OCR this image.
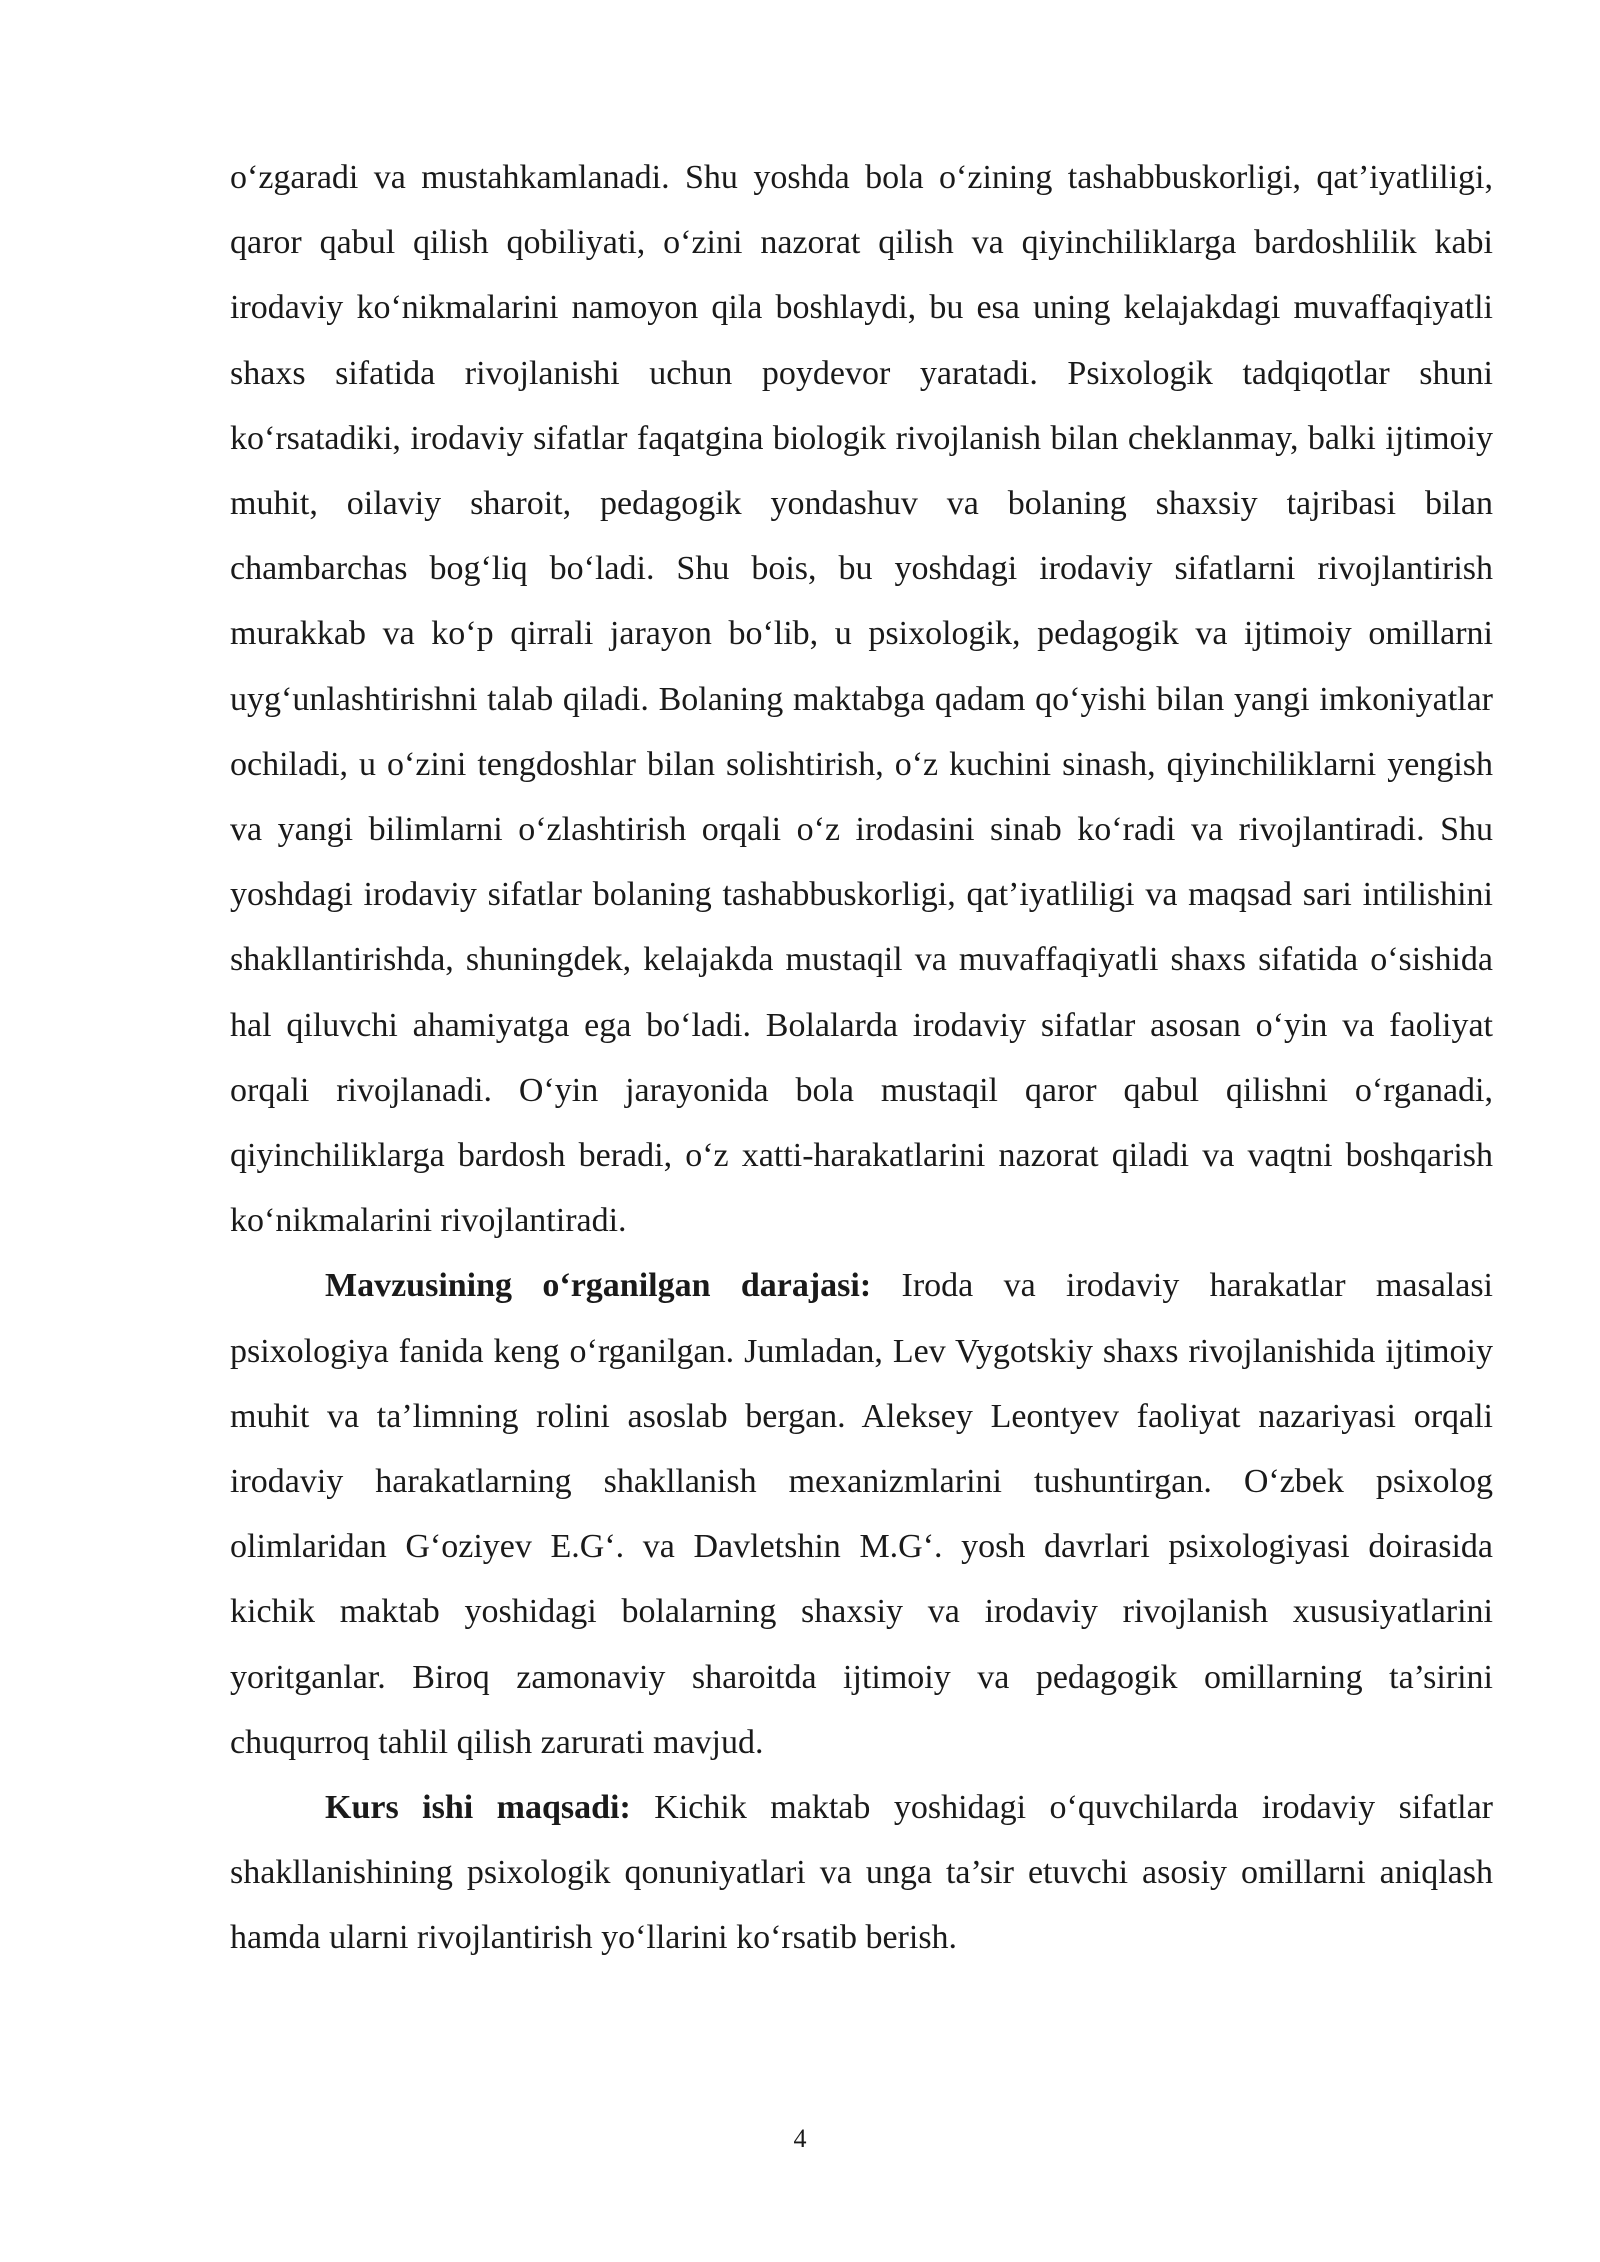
o‘zgaradi va mustahkamlanadi. Shu yoshda bola o‘zining tashabbuskorligi, qat’iyatliligi, qaror qabul qilish qobiliyati, o‘zini nazorat qilish va qiyinchiliklarga bardoshlilik kabi irodaviy ko‘nikmalarini namoyon qila boshlaydi, bu esa uning kelajakdagi muvaffaqiyatli shaxs sifatida rivojlanishi uchun poydevor yaratadi. Psixologik tadqiqotlar shuni ko‘rsatadiki, irodaviy sifatlar faqatgina biologik rivojlanish bilan cheklanmay, balki ijtimoiy muhit, oilaviy sharoit, pedagogik yondashuv va bolaning shaxsiy tajribasi bilan chambarchas bog‘liq bo‘ladi. Shu bois, bu yoshdagi irodaviy sifatlarni rivojlantirish murakkab va ko‘p qirrali jarayon bo‘lib, u psixologik, pedagogik va ijtimoiy omillarni uyg‘unlashtirishni talab qiladi. Bolaning maktabga qadam qo‘yishi bilan yangi imkoniyatlar ochiladi, u o‘zini tengdoshlar bilan solishtirish, o‘z kuchini sinash, qiyinchiliklarni yengish va yangi bilimlarni o‘zlashtirish orqali o‘z irodasini sinab ko‘radi va rivojlantiradi. Shu yoshdagi irodaviy sifatlar bolaning tashabbuskorligi, qat’iyatliligi va maqsad sari intilishini shakllantirishda, shuningdek, kelajakda mustaqil va muvaffaqiyatli shaxs sifatida o‘sishida hal qiluvchi ahamiyatga ega bo‘ladi. Bolalarda irodaviy sifatlar asosan o‘yin va faoliyat orqali rivojlanadi. O‘yin jarayonida bola mustaqil qaror qabul qilishni o‘rganadi, qiyinchiliklarga bardosh beradi, o‘z xatti-harakatlarini nazorat qiladi va vaqtni boshqarish ko‘nikmalarini rivojlantiradi.

Mavzusining o‘rganilgan darajasi: Iroda va irodaviy harakatlar masalasi psixologiya fanida keng o‘rganilgan. Jumladan, Lev Vygotskiy shaxs rivojlanishida ijtimoiy muhit va ta’limning rolini asoslab bergan. Aleksey Leontyev faoliyat nazariyasi orqali irodaviy harakatlarning shakllanish mexanizmlarini tushuntirgan. O‘zbek psixolog olimlaridan G‘oziyev E.G‘. va Davletshin M.G‘. yosh davrlari psixologiyasi doirasida kichik maktab yoshidagi bolalarning shaxsiy va irodaviy rivojlanish xususiyatlarini yoritganlar. Biroq zamonaviy sharoitda ijtimoiy va pedagogik omillarning ta’sirini chuqurroq tahlil qilish zarurati mavjud.

Kurs ishi maqsadi: Kichik maktab yoshidagi o‘quvchilarda irodaviy sifatlar shakllanishining psixologik qonuniyatlari va unga ta’sir etuvchi asosiy omillarni aniqlash hamda ularni rivojlantirish yo‘llarini ko‘rsatib berish.

4
